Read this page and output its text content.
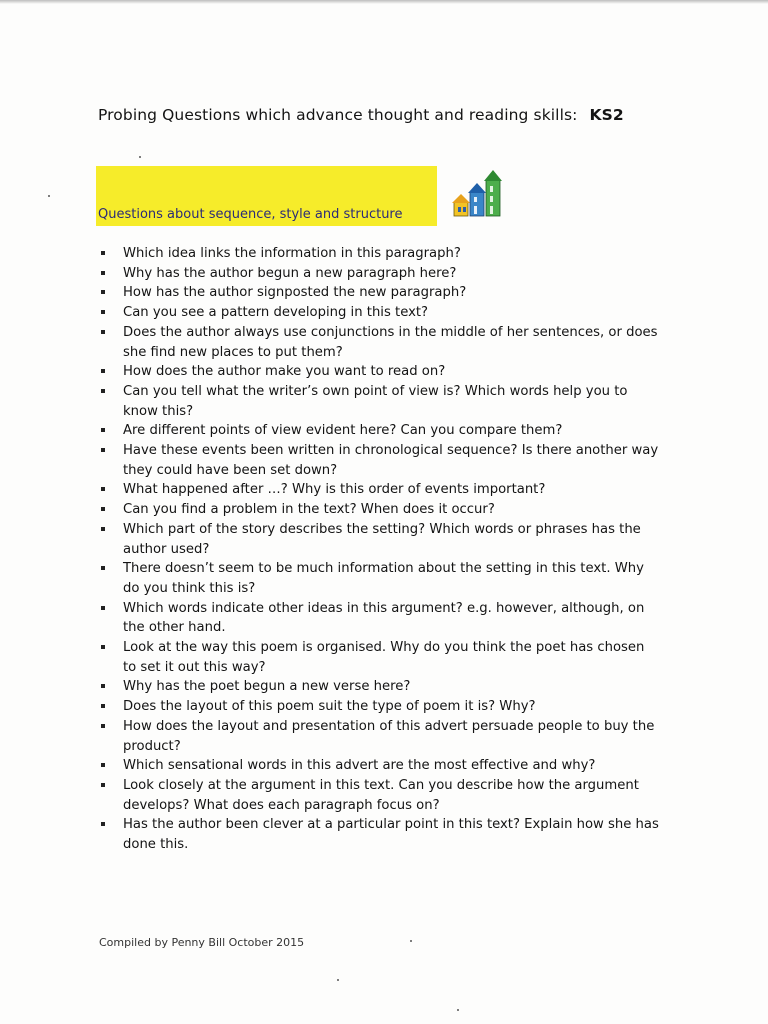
Probing Questions which advance thought and reading skills: KS2
Questions about sequence, style and structure
Which idea links the information in this paragraph?
Why has the author begun a new paragraph here?
How has the author signposted the new paragraph?
Can you see a pattern developing in this text?
Does the author always use conjunctions in the middle of her sentences, or does she find new places to put them?
How does the author make you want to read on?
Can you tell what the writer’s own point of view is? Which words help you to know this?
Are different points of view evident here? Can you compare them?
Have these events been written in chronological sequence? Is there another way they could have been set down?
What happened after …? Why is this order of events important?
Can you find a problem in the text? When does it occur?
Which part of the story describes the setting? Which words or phrases has the author used?
There doesn’t seem to be much information about the setting in this text. Why do you think this is?
Which words indicate other ideas in this argument? e.g. however, although, on the other hand.
Look at the way this poem is organised. Why do you think the poet has chosen to set it out this way?
Why has the poet begun a new verse here?
Does the layout of this poem suit the type of poem it is? Why?
How does the layout and presentation of this advert persuade people to buy the product?
Which sensational words in this advert are the most effective and why?
Look closely at the argument in this text. Can you describe how the argument develops? What does each paragraph focus on?
Has the author been clever at a particular point in this text? Explain how she has done this.
Compiled by Penny Bill October 2015
